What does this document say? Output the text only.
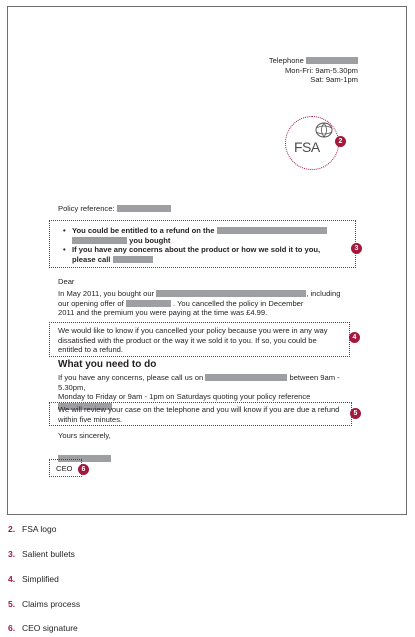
Telephone
Mon-Fri: 9am-5.30pm
Sat: 9am-1pm
FSA	2
Policy reference:
• You could be entitled to a refund on the
you bought
• If you have any concerns about the product or how we sold it to you,
please call
3
Dear
In May 2011, you bought our	, including
our opening offer of	. You cancelled the policy in December
2011 and the premium you were paying at the time was £4.99.
We would like to know if you cancelled your policy because you were in any way dissatisfied with the product or the way it we sold it to you. If so, you could be entitled to a refund.
4
What you need to do
If you have any concerns, please call us on	between 9am - 5.30pm,
Monday to Friday or 9am - 1pm on Saturdays quoting your policy reference

We will review your case on the telephone and you will know if you are due a refund within five minutes.
5
Yours sincerely,
CEO	6
2. FSA logo
3. Salient bullets
4. Simplified
5. Claims process
6. CEO signature
